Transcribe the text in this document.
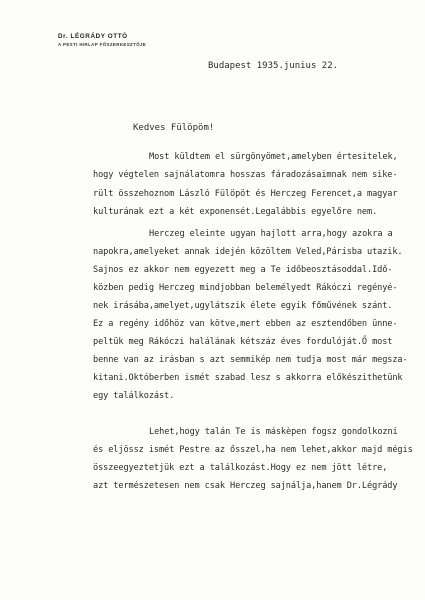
Dr. LÉGRÁDY OTTÓ
A PESTI HIRLAP FŐSZERKESZTŐJE
Budapest 1935.junius 22.
Kedves Fülöpöm!
Most küldtem el sürgönyömet,amelyben értesitelek,
hogy végtelen sajnálatomra hosszas fáradozásaimnak nem sike-
rült összehoznom László Fülöpöt és Herczeg Ferencet,a magyar
kulturának ezt a két exponensét.Legalábbis egyelőre nem.
Herczeg eleinte ugyan hajlott arra,hogy azokra a
napokra,amelyeket annak idején közöltem Veled,Párisba utazik.
Sajnos ez akkor nem egyezett meg a Te időbeosztásoddal.Idő-
közben pedig Herczeg mindjobban belemélyedt Rákóczi regényé-
nek irásába,amelyet,ugylátszik élete egyik főművének szánt.
Ez a regény időhöz van kötve,mert ebben az esztendőben ünne-
peltük meg Rákóczi halálának kétszáz éves fordulóját.Ő most
benne van az irásban s azt semmikép nem tudja most már megsza-
kitani.Októberben ismét szabad lesz s akkorra előkészithetünk
egy találkozást.
Lehet,hogy talán Te is máskèpen fogsz gondolkozni
és eljössz ismét Pestre az ősszel,ha nem lehet,akkor majd mégis
összeegyeztetjük ezt a találkozást.Hogy ez nem jött létre,
azt természetesen nem csak Herczeg sajnálja,hanem Dr.Légrády
